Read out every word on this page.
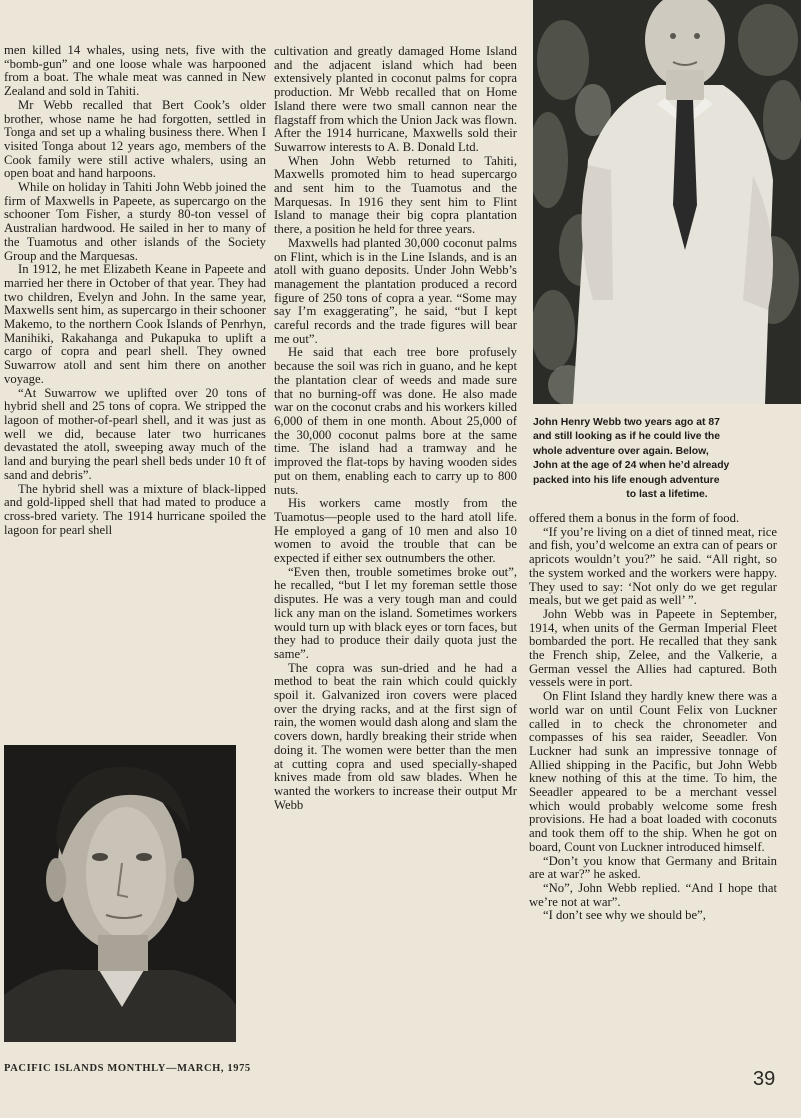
John Henry Webb two years ago at 87
and still looking as if he could live the
whole adventure over again. Below,
John at the age of 24 when he’d already
packed into his life enough adventure
to last a lifetime.

men killed 14 whales, using nets, five with the “bomb-gun” and one loose whale was harpooned from a boat. The whale meat was canned in New Zealand and sold in Tahiti.

Mr Webb recalled that Bert Cook’s older brother, whose name he had forgotten, settled in Tonga and set up a whaling business there. When I visited Tonga about 12 years ago, members of the Cook family were still active whalers, using an open boat and hand harpoons.

While on holiday in Tahiti John Webb joined the firm of Maxwells in Papeete, as supercargo on the schooner Tom Fisher, a sturdy 80-ton vessel of Australian hardwood. He sailed in her to many of the Tuamotus and other islands of the Society Group and the Marquesas.

In 1912, he met Elizabeth Keane in Papeete and married her there in October of that year. They had two children, Evelyn and John. In the same year, Maxwells sent him, as supercargo in their schooner Makemo, to the northern Cook Islands of Penrhyn, Manihiki, Rakahanga and Pukapuka to uplift a cargo of copra and pearl shell. They owned Suwarrow atoll and sent him there on another voyage.

“At Suwarrow we uplifted over 20 tons of hybrid shell and 25 tons of copra. We stripped the lagoon of mother-of-pearl shell, and it was just as well we did, because later two hurricanes devastated the atoll, sweeping away much of the land and burying the pearl shell beds under 10 ft of sand and debris”.

The hybrid shell was a mixture of black-lipped and gold-lipped shell that had mated to produce a cross-bred variety. The 1914 hurricane spoiled the lagoon for pearl shell

cultivation and greatly damaged Home Island and the adjacent island which had been extensively planted in coconut palms for copra production. Mr Webb recalled that on Home Island there were two small cannon near the flagstaff from which the Union Jack was flown. After the 1914 hurricane, Maxwells sold their Suwarrow interests to A. B. Donald Ltd.

When John Webb returned to Tahiti, Maxwells promoted him to head supercargo and sent him to the Tuamotus and the Marquesas. In 1916 they sent him to Flint Island to manage their big copra plantation there, a position he held for three years.

Maxwells had planted 30,000 coconut palms on Flint, which is in the Line Islands, and is an atoll with guano deposits. Under John Webb’s management the plantation produced a record figure of 250 tons of copra a year. “Some may say I’m exaggerating”, he said, “but I kept careful records and the trade figures will bear me out”.

He said that each tree bore profusely because the soil was rich in guano, and he kept the plantation clear of weeds and made sure that no burning-off was done. He also made war on the coconut crabs and his workers killed 6,000 of them in one month. About 25,000 of the 30,000 coconut palms bore at the same time. The island had a tramway and he improved the flat-tops by having wooden sides put on them, enabling each to carry up to 800 nuts.

His workers came mostly from the Tuamotus—people used to the hard atoll life. He employed a gang of 10 men and also 10 women to avoid the trouble that can be expected if either sex outnumbers the other.

“Even then, trouble sometimes broke out”, he recalled, “but I let my foreman settle those disputes. He was a very tough man and could lick any man on the island. Sometimes workers would turn up with black eyes or torn faces, but they had to produce their daily quota just the same”.

The copra was sun-dried and he had a method to beat the rain which could quickly spoil it. Galvanized iron covers were placed over the drying racks, and at the first sign of rain, the women would dash along and slam the covers down, hardly breaking their stride when doing it. The women were better than the men at cutting copra and used specially-shaped knives made from old saw blades. When he wanted the workers to increase their output Mr Webb

offered them a bonus in the form of food.

“If you’re living on a diet of tinned meat, rice and fish, you’d welcome an extra can of pears or apricots wouldn’t you?” he said. “All right, so the system worked and the workers were happy. They used to say: ‘Not only do we get regular meals, but we get paid as well’ ”.

John Webb was in Papeete in September, 1914, when units of the German Imperial Fleet bombarded the port. He recalled that they sank the French ship, Zelee, and the Valkerie, a German vessel the Allies had captured. Both vessels were in port.

On Flint Island they hardly knew there was a world war on until Count Felix von Luckner called in to check the chronometer and compasses of his sea raider, Seeadler. Von Luckner had sunk an impressive tonnage of Allied shipping in the Pacific, but John Webb knew nothing of this at the time. To him, the Seeadler appeared to be a merchant vessel which would probably welcome some fresh provisions. He had a boat loaded with coconuts and took them off to the ship. When he got on board, Count von Luckner introduced himself.

“Don’t you know that Germany and Britain are at war?” he asked.

“No”, John Webb replied. “And I hope that we’re not at war”.

“I don’t see why we should be”,

PACIFIC ISLANDS MONTHLY—MARCH, 1975	39
